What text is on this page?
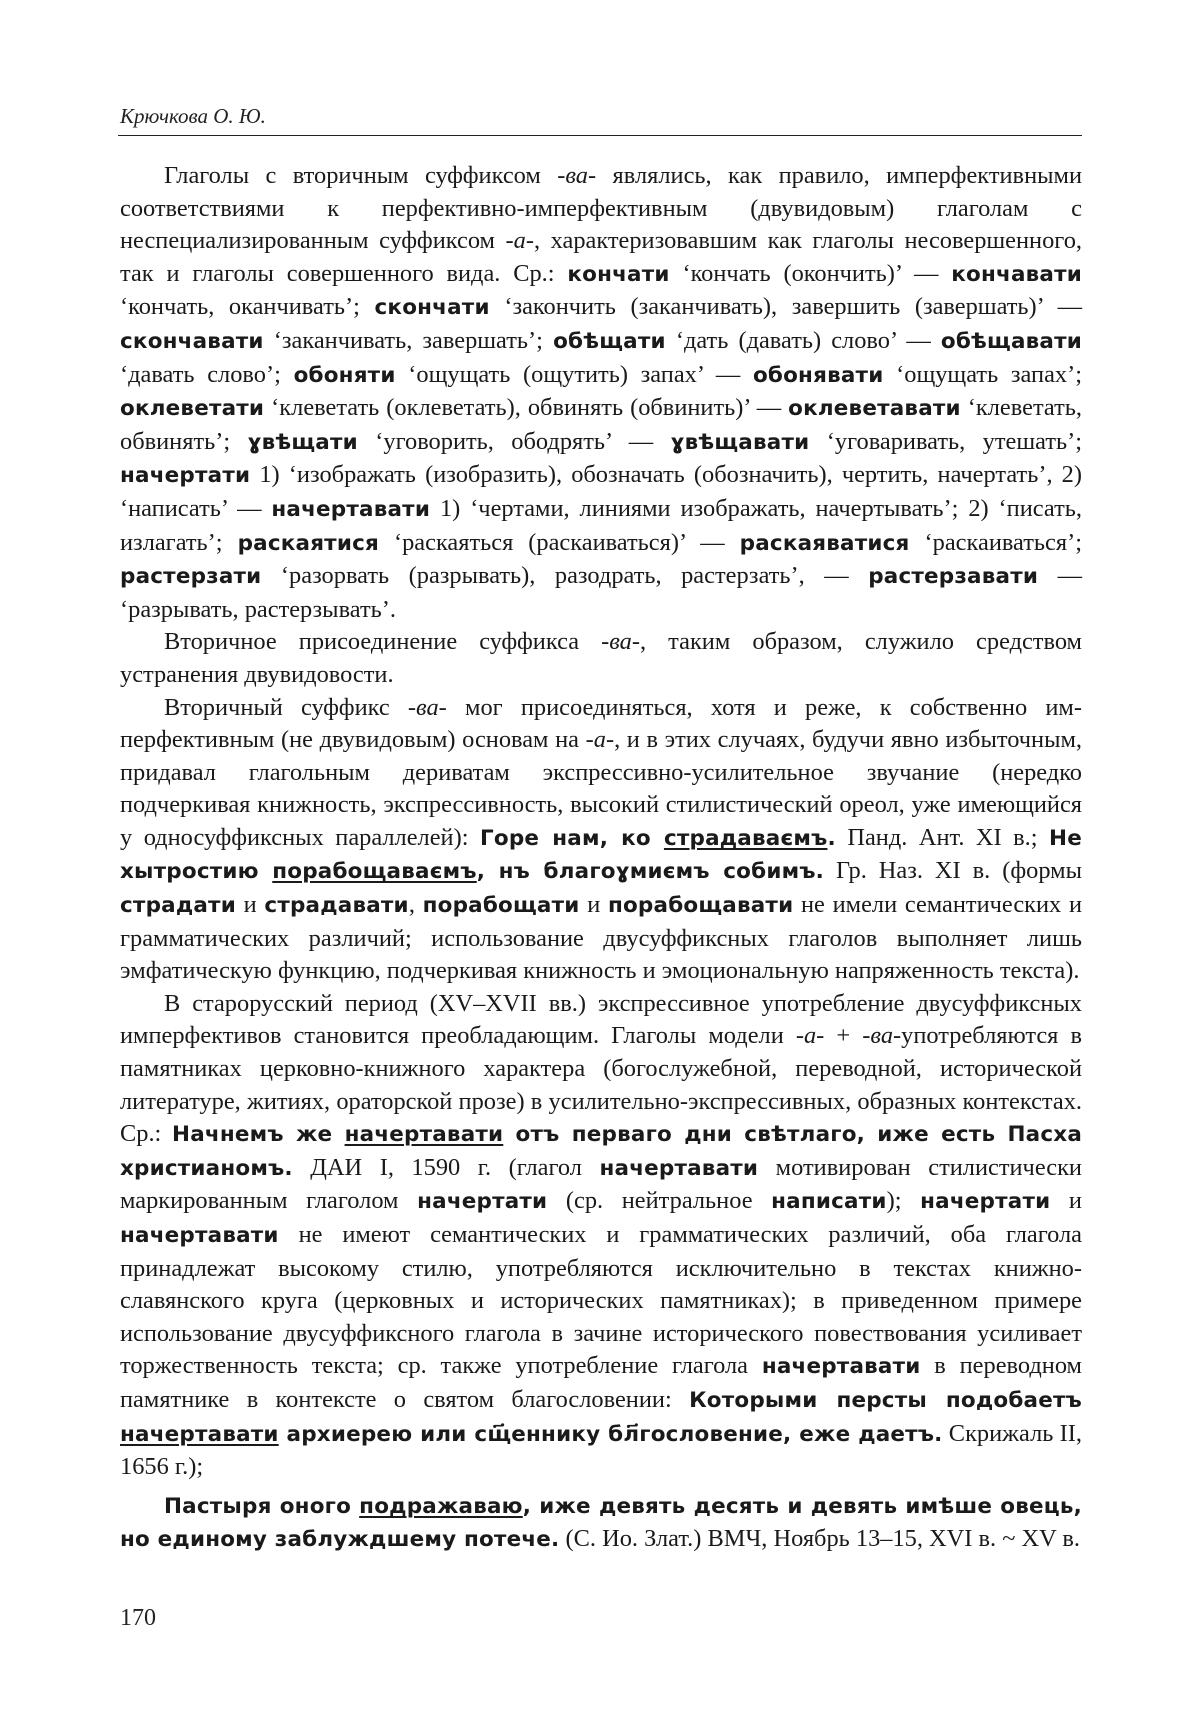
Крючкова О. Ю.

Глаголы с вторичным суффиксом -ва- являлись, как правило, имперфективными соответствиями к перфективно-имперфективным (двувидовым) глаголам с неспециализированным суффиксом -а-, характеризовавшим как глаголы несовершенного, так и глаголы совершенного вида. Ср.: кончати ‘кончать (окончить)’ — кончавати ‘кончать, оканчивать’; скончати ‘закончить (заканчивать), завершить (завершать)’ — скончавати ‘заканчивать, завершать’; обѣщати ‘дать (давать) слово’ — обѣщавати ‘давать слово’; обоняти ‘ощущать (ощутить) запах’ — обонявати ‘ощущать запах’; оклеветати ‘клеветать (оклеветать), обвинять (обвинить)’ — оклеветавати ‘клеветать, обвинять’; ɣвѣщати ‘уговорить, ободрять’ — ɣвѣщавати ‘уговаривать, утешать’; начертати 1) ‘изображать (изобразить), обозначать (обозначить), чертить, начертать’, 2) ‘написать’ — начертавати 1) ‘чертами, линиями изображать, начертывать’; 2) ‘писать, излагать’; раскаятися ‘раскаяться (раскаиваться)’ — раскаяватися ‘раскаиваться’; растерзати ‘разорвать (разрывать), разодрать, растерзать’, — растерзавати — ‘разрывать, растерзывать’.

Вторичное присоединение суффикса -ва-, таким образом, служило средством устранения двувидовости.

Вторичный суффикс -ва- мог присоединяться, хотя и реже, к собственно имперфективным (не двувидовым) основам на -а-, и в этих случаях, будучи явно избыточным, придавал глагольным дериватам экспрессивно-усилительное звучание (нередко подчеркивая книжность, экспрессивность, высокий стилистический ореол, уже имеющийся у односуффиксных параллелей): Горе нам, ко страдаваємъ. Панд. Ант. XI в.; Не хытростию порабощаваємъ, нъ благоɣмиємъ собимъ. Гр. Наз. XI в. (формы страдати и страдавати, порабощати и порабощавати не имели семантических и грамматических различий; использование двусуффиксных глаголов выполняет лишь эмфатическую функцию, подчеркивая книжность и эмоциональную напряженность текста).

В старорусский период (XV–XVII вв.) экспрессивное употребление двусуффиксных имперфективов становится преобладающим. Глаголы модели -а- + -ва-употребляются в памятниках церковно-книжного характера (богослужебной, переводной, исторической литературе, житиях, ораторской прозе) в усилительно-экспрессивных, образных контекстах. Ср.: Начнемъ же начертавати отъ перваго дни свѣтлаго, иже есть Пасха христианомъ. ДАИ I, 1590 г. (глагол начертавати мотивирован стилистически маркированным глаголом начертати (ср. нейтральное написати); начертати и начертавати не имеют семантических и грамматических различий, оба глагола принадлежат высокому стилю, употребляются исключительно в текстах книжно-славянского круга (церковных и исторических памятниках); в приведенном примере использование двусуффиксного глагола в зачине исторического повествования усиливает торжественность текста; ср. также употребление глагола начертавати в переводном памятнике в контексте о святом благословении: Которыми персты подобаетъ начертавати архиерею или сщ҃еннику бл҃гословение, еже даетъ. Скрижаль II, 1656 г.);

Пастыря оного подражаваю, иже девять десять и девять имѣше овець, но единому заблуждшему потече. (С. Ио. Злат.) ВМЧ, Ноябрь 13–15, XVI в. ~ XV в.

170
